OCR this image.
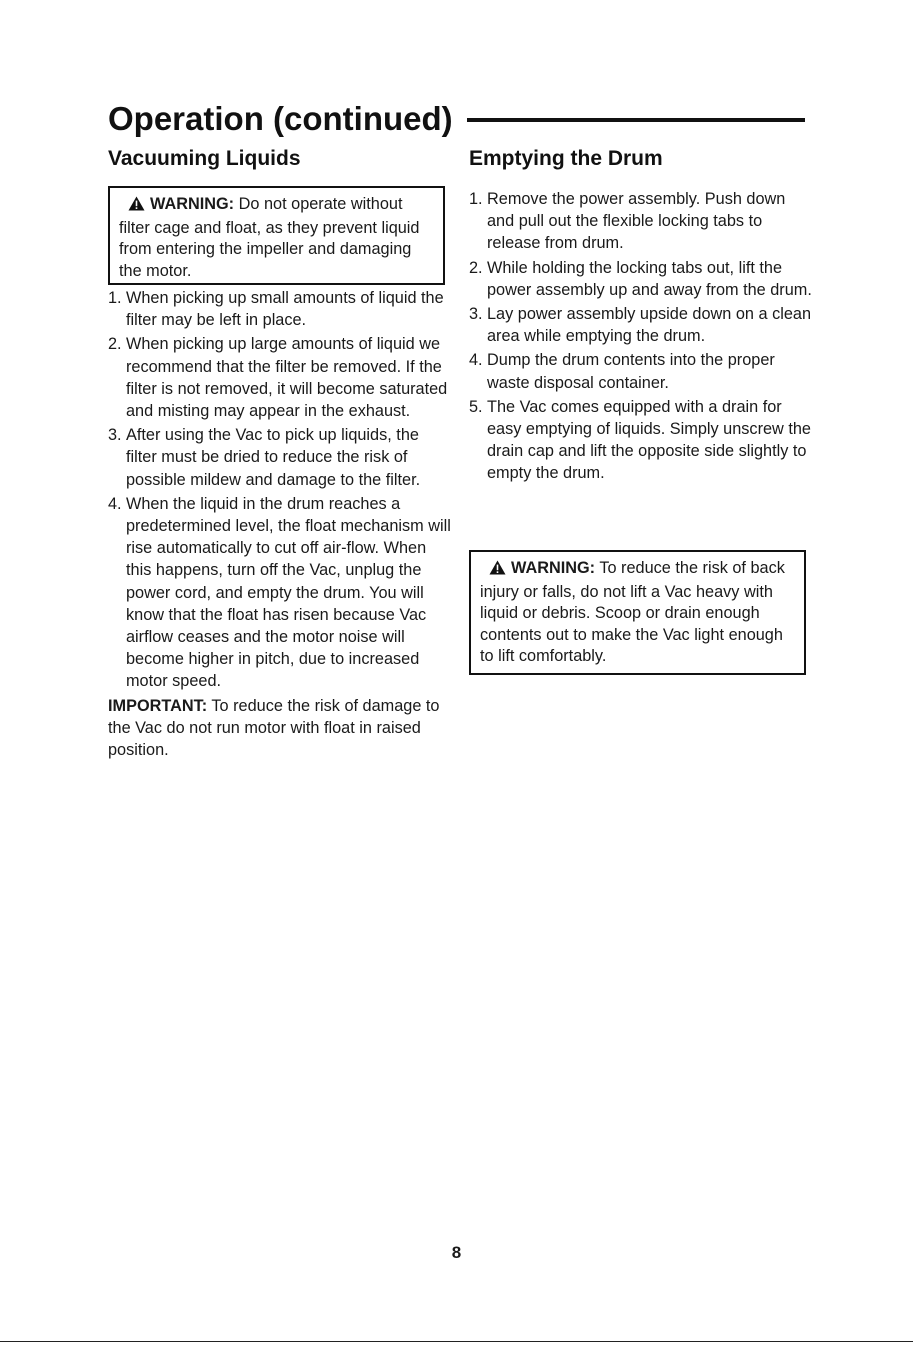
Operation (continued)
Vacuuming Liquids	Emptying the Drum
WARNING: Do not operate without filter cage and float, as they prevent liquid from entering the impeller and damaging the motor.
1. When picking up small amounts of liquid the filter may be left in place.
2. When picking up large amounts of liquid we recommend that the filter be removed. If the filter is not removed, it will become saturated and misting may appear in the exhaust.
3. After using the Vac to pick up liquids, the filter must be dried to reduce the risk of possible mildew and damage to the filter.
4. When the liquid in the drum reaches a predetermined level, the float mechanism will rise automatically to cut off air-flow. When this happens, turn off the Vac, unplug the power cord, and empty the drum. You will know that the float has risen because Vac airflow ceases and the motor noise will become higher in pitch, due to increased motor speed.

IMPORTANT: To reduce the risk of damage to the Vac do not run motor with float in raised position.

1. Remove the power assembly. Push down and pull out the flexible locking tabs to release from drum.
2. While holding the locking tabs out, lift the power assembly up and away from the drum.
3. Lay power assembly upside down on a clean area while emptying the drum.
4. Dump the drum contents into the proper waste disposal container.
5. The Vac comes equipped with a drain for easy emptying of liquids. Simply unscrew the drain cap and lift the opposite side slightly to empty the drum.
WARNING: To reduce the risk of back injury or falls, do not lift a Vac heavy with liquid or debris. Scoop or drain enough contents out to make the Vac light enough to lift comfortably.
8
